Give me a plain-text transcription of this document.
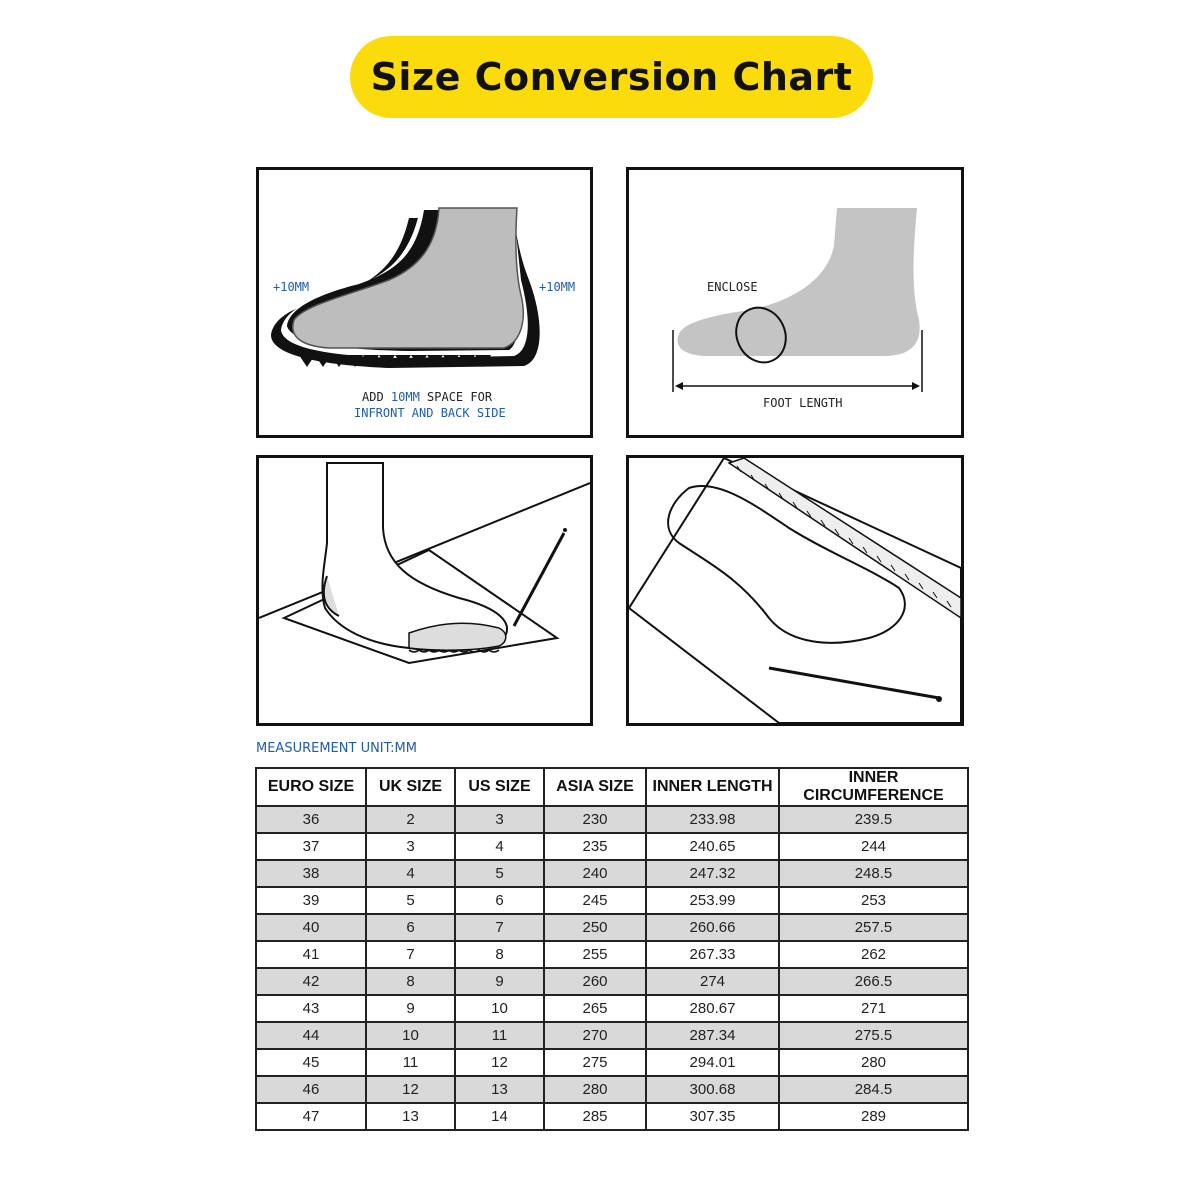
Size Conversion Chart
+10MM	+10MM
ADD 10MM SPACE FOR
INFRONT AND BACK SIDE
ENCLOSE
FOOT LENGTH
MEASUREMENT UNIT:MM
EURO SIZE	UK SIZE	US SIZE	ASIA SIZE	INNER LENGTH	INNER CIRCUMFERENCE
36	2	3	230	233.98	239.5
37	3	4	235	240.65	244
38	4	5	240	247.32	248.5
39	5	6	245	253.99	253
40	6	7	250	260.66	257.5
41	7	8	255	267.33	262
42	8	9	260	274	266.5
43	9	10	265	280.67	271
44	10	11	270	287.34	275.5
45	11	12	275	294.01	280
46	12	13	280	300.68	284.5
47	13	14	285	307.35	289
